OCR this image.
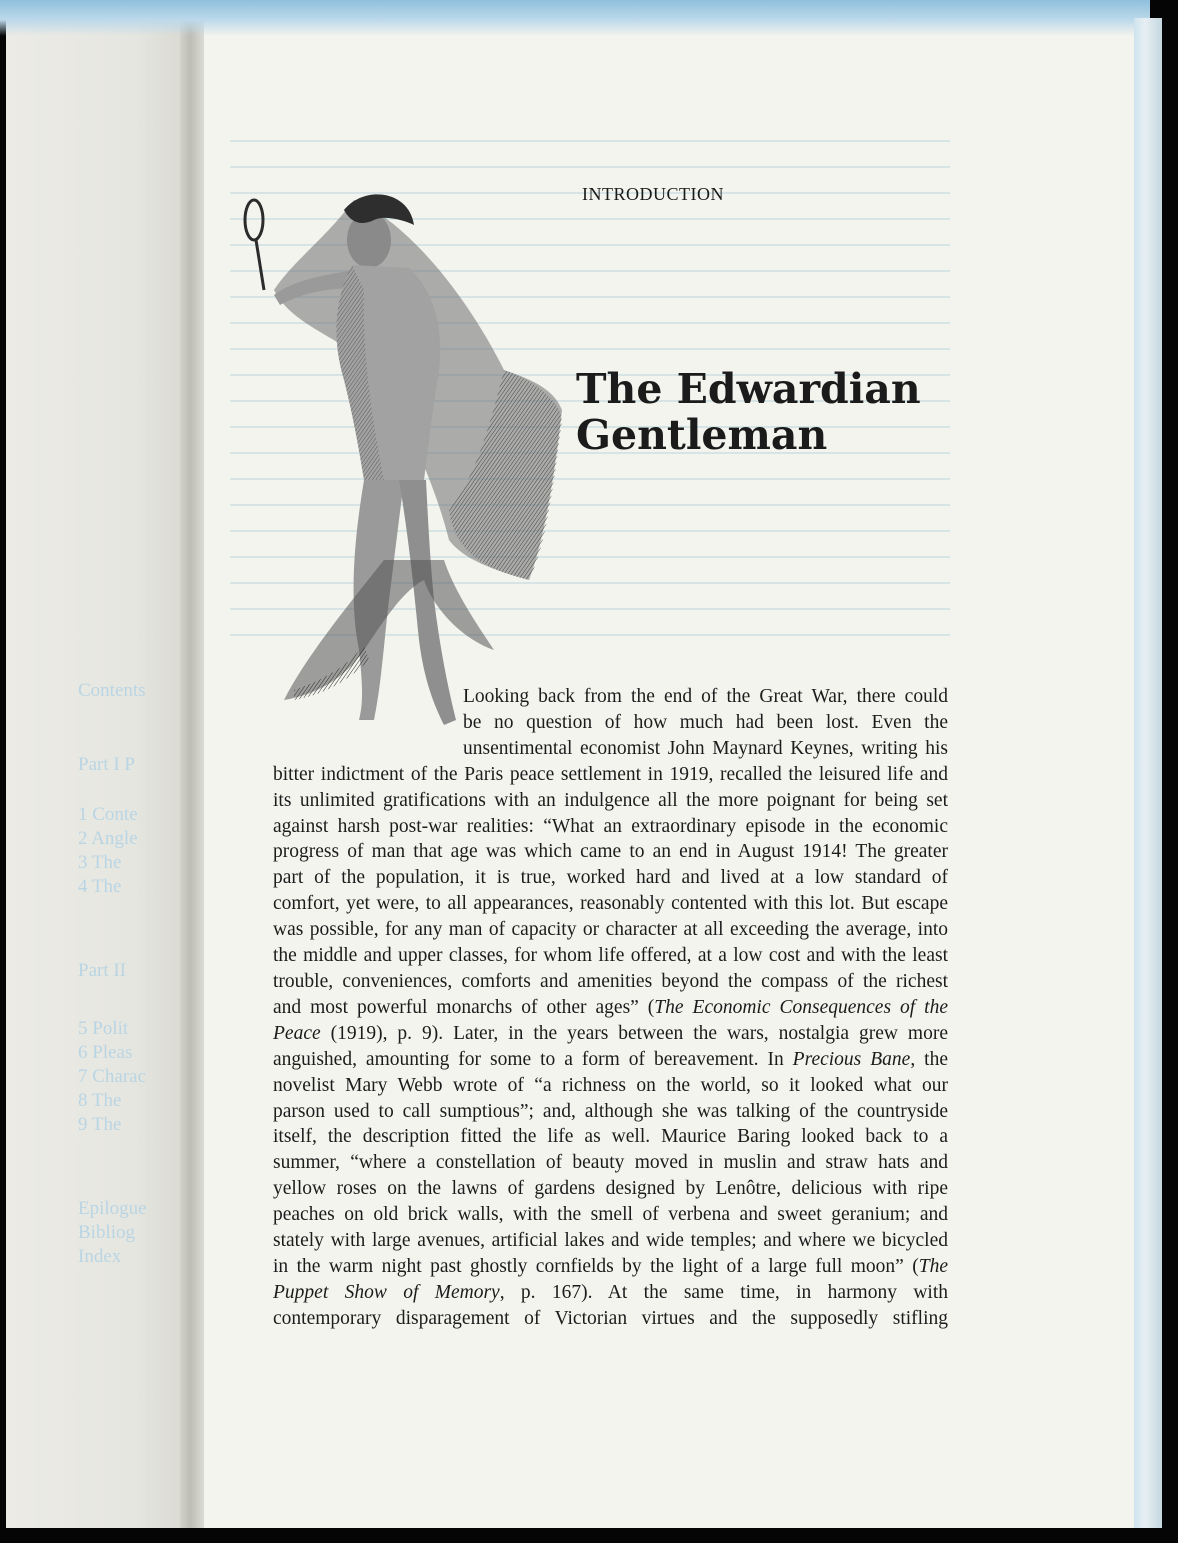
Contents
Part I P
1 Conte
2 Angle
3 The
4 The
Part II
5 Polit
6 Pleas
7 Charac
8 The
9 The
Epilogue
Bibliog
Index
INTRODUCTION
The Edwardian
Gentleman
Looking back from the end of the Great War, there could
be no question of how much had been lost. Even the
unsentimental economist John Maynard Keynes, writing his
bitter indictment of the Paris peace settlement in 1919, recalled the leisured life and
its unlimited gratifications with an indulgence all the more poignant for being set
against harsh post-war realities: “What an extraordinary episode in the economic
progress of man that age was which came to an end in August 1914! The greater
part of the population, it is true, worked hard and lived at a low standard of
comfort, yet were, to all appearances, reasonably contented with this lot. But escape
was possible, for any man of capacity or character at all exceeding the average, into
the middle and upper classes, for whom life offered, at a low cost and with the least
trouble, conveniences, comforts and amenities beyond the compass of the richest
and most powerful monarchs of other ages” (The Economic Consequences of the
Peace (1919), p. 9). Later, in the years between the wars, nostalgia grew more
anguished, amounting for some to a form of bereavement. In Precious Bane, the
novelist Mary Webb wrote of “a richness on the world, so it looked what our
parson used to call sumptious”; and, although she was talking of the countryside
itself, the description fitted the life as well. Maurice Baring looked back to a
summer, “where a constellation of beauty moved in muslin and straw hats and
yellow roses on the lawns of gardens designed by Lenôtre, delicious with ripe
peaches on old brick walls, with the smell of verbena and sweet geranium; and
stately with large avenues, artificial lakes and wide temples; and where we bicycled
in the warm night past ghostly cornfields by the light of a large full moon” (The
Puppet Show of Memory, p. 167). At the same time, in harmony with
contemporary disparagement of Victorian virtues and the supposedly stifling
